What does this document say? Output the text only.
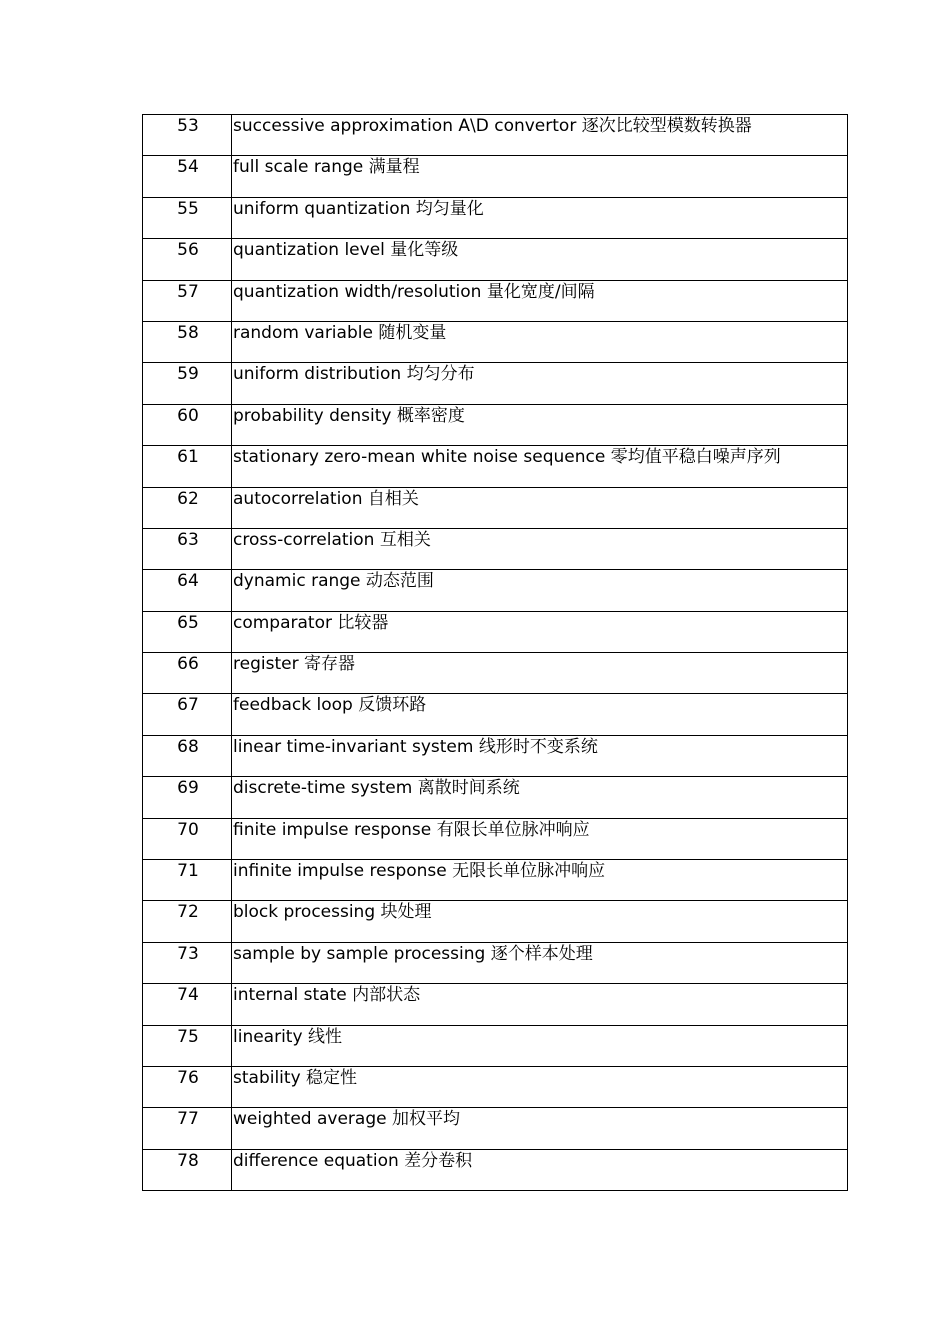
53	successive approximation A\D convertor 逐次比较型模数转换器
54	full scale range 满量程
55	uniform quantization 均匀量化
56	quantization level 量化等级
57	quantization width/resolution 量化宽度/间隔
58	random variable 随机变量
59	uniform distribution 均匀分布
60	probability density 概率密度
61	stationary zero-mean white noise sequence 零均值平稳白噪声序列
62	autocorrelation 自相关
63	cross-correlation 互相关
64	dynamic range 动态范围
65	comparator 比较器
66	register 寄存器
67	feedback loop 反馈环路
68	linear time-invariant system 线形时不变系统
69	discrete-time system 离散时间系统
70	finite impulse response 有限长单位脉冲响应
71	infinite impulse response 无限长单位脉冲响应
72	block processing 块处理
73	sample by sample processing 逐个样本处理
74	internal state 内部状态
75	linearity 线性
76	stability 稳定性
77	weighted average 加权平均
78	difference equation 差分卷积
